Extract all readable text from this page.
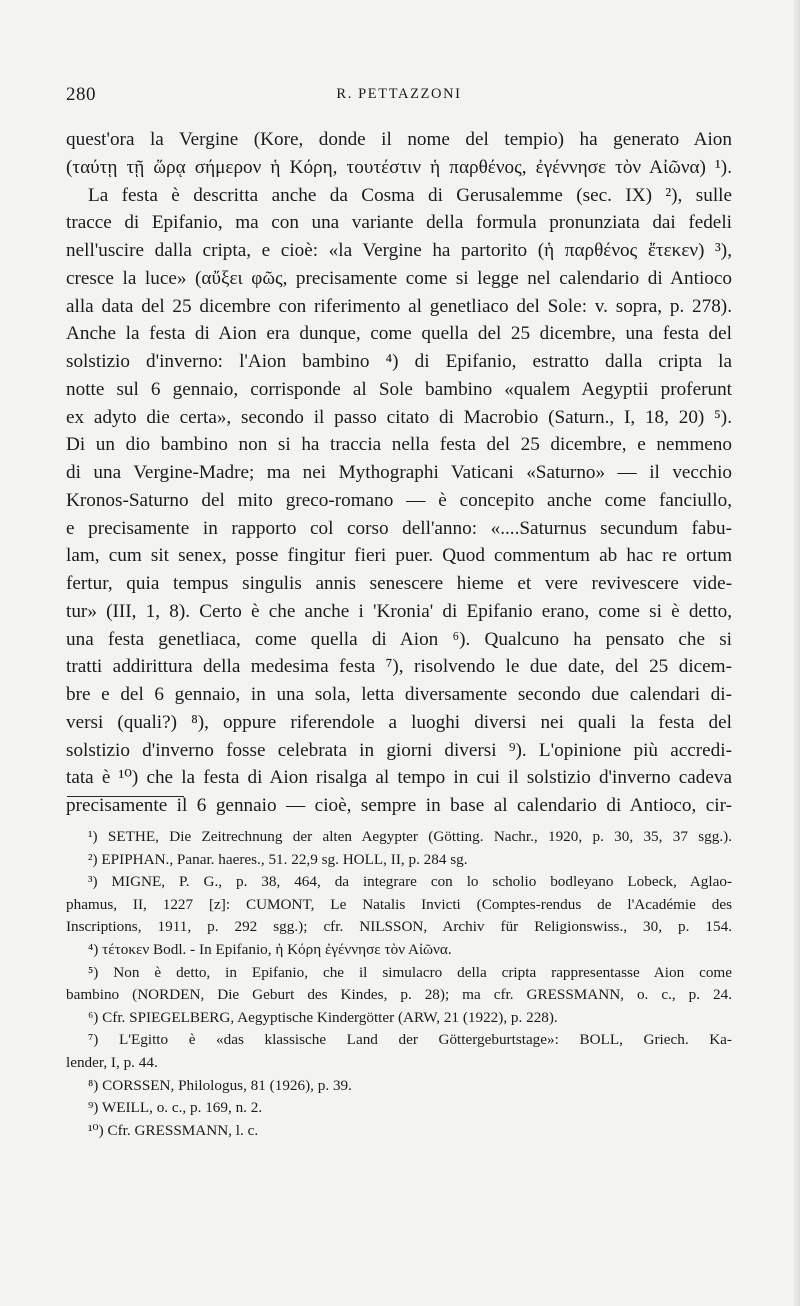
280	R. PETTAZZONI
quest'ora la Vergine (Kore, donde il nome del tempio) ha generato Aion
(ταύτῃ τῇ ὥρᾳ σήμερον ἡ Κόρη, τουτέστιν ἡ παρθένος, ἐγέννησε τὸν Αἰῶνα) ¹).
La festa è descritta anche da Cosma di Gerusalemme (sec. IX) ²), sulle
tracce di Epifanio, ma con una variante della formula pronunziata dai fedeli
nell'uscire dalla cripta, e cioè: «la Vergine ha partorito (ἡ παρθένος ἔτεκεν) ³),
cresce la luce» (αὔξει φῶς, precisamente come si legge nel calendario di Antioco
alla data del 25 dicembre con riferimento al genetliaco del Sole: v. sopra, p. 278).
Anche la festa di Aion era dunque, come quella del 25 dicembre, una festa del
solstizio d'inverno: l'Aion bambino ⁴) di Epifanio, estratto dalla cripta la
notte sul 6 gennaio, corrisponde al Sole bambino «qualem Aegyptii proferunt
ex adyto die certa», secondo il passo citato di Macrobio (Saturn., I, 18, 20) ⁵).
Di un dio bambino non si ha traccia nella festa del 25 dicembre, e nemmeno
di una Vergine-Madre; ma nei Mythographi Vaticani «Saturno» — il vecchio
Kronos-Saturno del mito greco-romano — è concepito anche come fanciullo,
e precisamente in rapporto col corso dell'anno: «....Saturnus secundum fabu-
lam, cum sit senex, posse fingitur fieri puer. Quod commentum ab hac re ortum
fertur, quia tempus singulis annis senescere hieme et vere revivescere vide-
tur» (III, 1, 8). Certo è che anche i 'Kronia' di Epifanio erano, come si è detto,
una festa genetliaca, come quella di Aion ⁶). Qualcuno ha pensato che si
tratti addirittura della medesima festa ⁷), risolvendo le due date, del 25 dicem-
bre e del 6 gennaio, in una sola, letta diversamente secondo due calendari di-
versi (quali?) ⁸), oppure riferendole a luoghi diversi nei quali la festa del
solstizio d'inverno fosse celebrata in giorni diversi ⁹). L'opinione più accredi-
tata è ¹⁰) che la festa di Aion risalga al tempo in cui il solstizio d'inverno cadeva
precisamente il 6 gennaio — cioè, sempre in base al calendario di Antioco, cir-
¹) SETHE, Die Zeitrechnung der alten Aegypter (Götting. Nachr., 1920, p. 30, 35, 37 sgg.).
²) EPIPHAN., Panar. haeres., 51. 22,9 sg. HOLL, II, p. 284 sg.
³) MIGNE, P. G., p. 38, 464, da integrare con lo scholio bodleyano Lobeck, Aglao-
phamus, II, 1227 [z]: CUMONT, Le Natalis Invicti (Comptes-rendus de l'Académie des
Inscriptions, 1911, p. 292 sgg.); cfr. NILSSON, Archiv für Religionswiss., 30, p. 154.
⁴) τέτοκεν Bodl. - In Epifanio, ἡ Κόρη ἐγέννησε τὸν Αἰῶνα.
⁵) Non è detto, in Epifanio, che il simulacro della cripta rappresentasse Aion come
bambino (NORDEN, Die Geburt des Kindes, p. 28); ma cfr. GRESSMANN, o. c., p. 24.
⁶) Cfr. SPIEGELBERG, Aegyptische Kindergötter (ARW, 21 (1922), p. 228).
⁷) L'Egitto è «das klassische Land der Göttergeburtstage»: BOLL, Griech. Ka-
lender, I, p. 44.
⁸) CORSSEN, Philologus, 81 (1926), p. 39.
⁹) WEILL, o. c., p. 169, n. 2.
¹⁰) Cfr. GRESSMANN, l. c.
